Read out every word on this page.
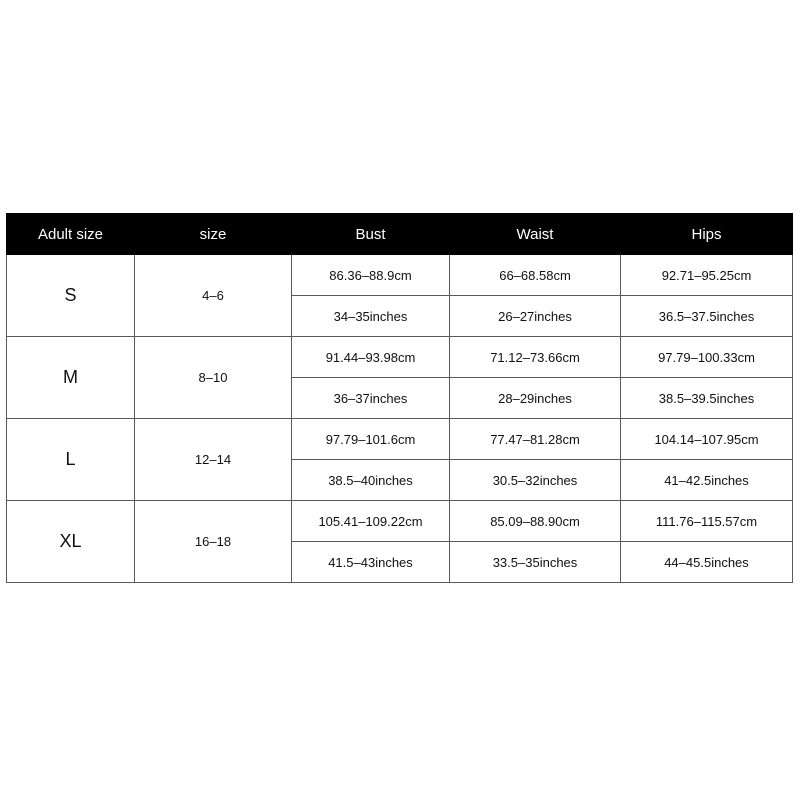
Adult size	size	Bust	Waist	Hips
S	4–6	86.36–88.9cm	66–68.58cm	92.71–95.25cm
		34–35inches	26–27inches	36.5–37.5inches
M	8–10	91.44–93.98cm	71.12–73.66cm	97.79–100.33cm
		36–37inches	28–29inches	38.5–39.5inches
L	12–14	97.79–101.6cm	77.47–81.28cm	104.14–107.95cm
		38.5–40inches	30.5–32inches	41–42.5inches
XL	16–18	105.41–109.22cm	85.09–88.90cm	111.76–115.57cm
		41.5–43inches	33.5–35inches	44–45.5inches
